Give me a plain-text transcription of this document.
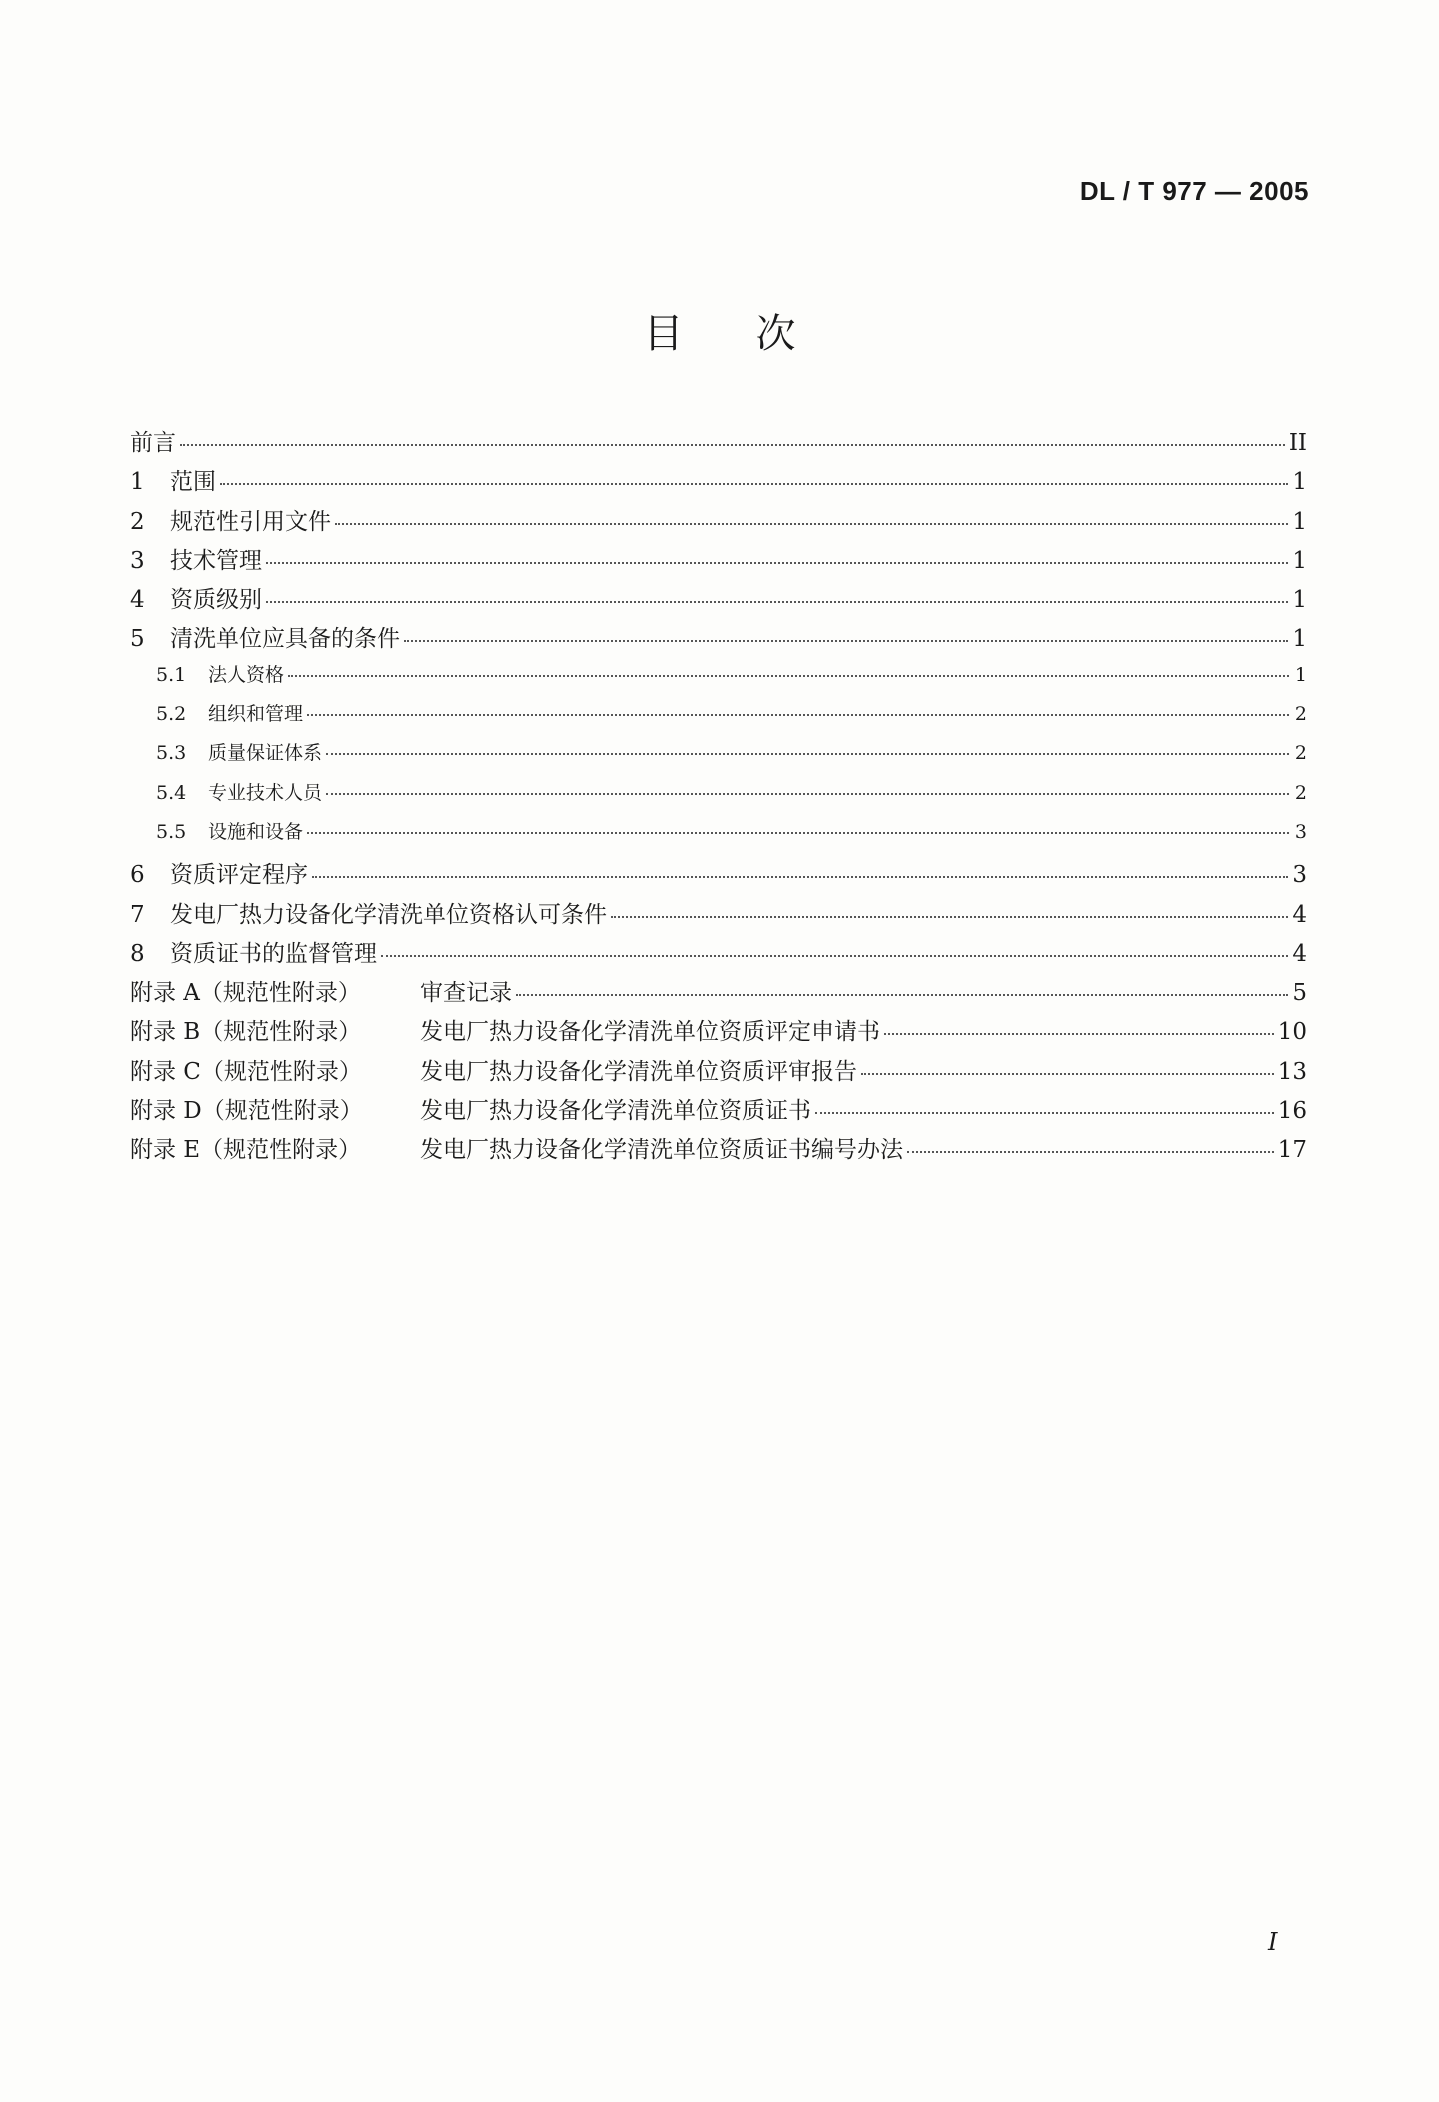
DL / T 977 — 2005
目次
前言	II
1	范围	1
2	规范性引用文件	1
3	技术管理	1
4	资质级别	1
5	清洗单位应具备的条件	1
5.1	法人资格	1
5.2	组织和管理	2
5.3	质量保证体系	2
5.4	专业技术人员	2
5.5	设施和设备	3
6	资质评定程序	3
7	发电厂热力设备化学清洗单位资格认可条件	4
8	资质证书的监督管理	4
附录 A（规范性附录）	审查记录	5
附录 B（规范性附录）	发电厂热力设备化学清洗单位资质评定申请书	10
附录 C（规范性附录）	发电厂热力设备化学清洗单位资质评审报告	13
附录 D（规范性附录）	发电厂热力设备化学清洗单位资质证书	16
附录 E（规范性附录）	发电厂热力设备化学清洗单位资质证书编号办法	17
I
